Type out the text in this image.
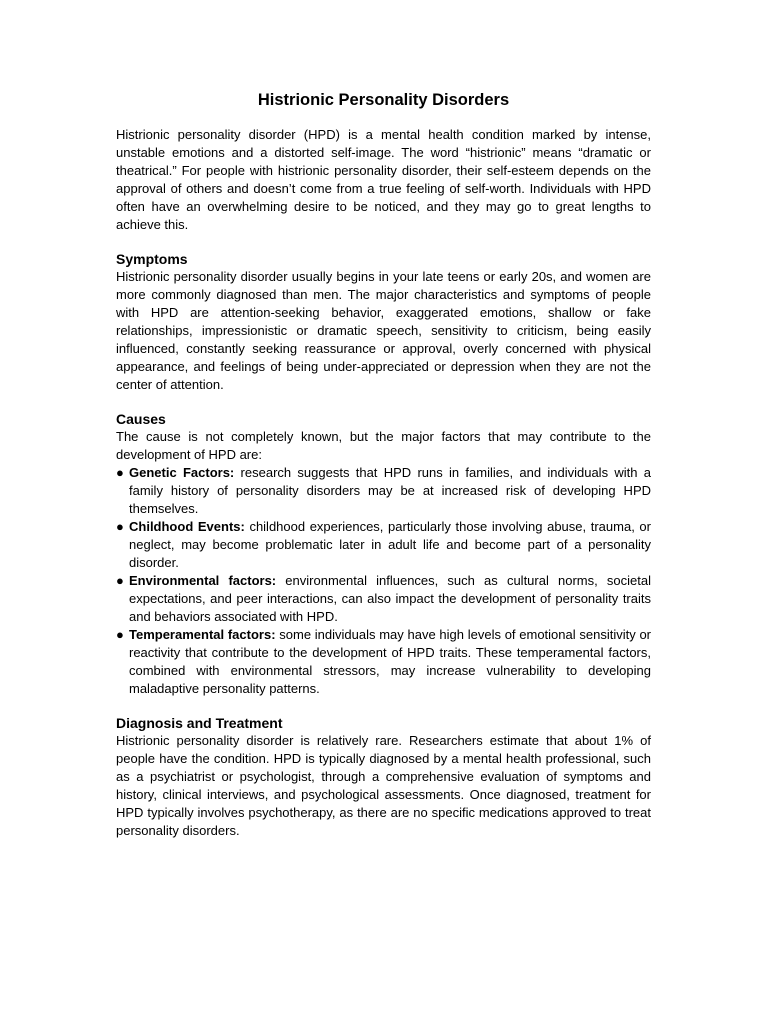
Histrionic Personality Disorders

Histrionic personality disorder (HPD) is a mental health condition marked by intense, unstable emotions and a distorted self-image. The word “histrionic” means “dramatic or theatrical.” For people with histrionic personality disorder, their self-esteem depends on the approval of others and doesn’t come from a true feeling of self-worth. Individuals with HPD often have an overwhelming desire to be noticed, and they may go to great lengths to achieve this.

Symptoms

Histrionic personality disorder usually begins in your late teens or early 20s, and women are more commonly diagnosed than men. The major characteristics and symptoms of people with HPD are attention-seeking behavior, exaggerated emotions, shallow or fake relationships, impressionistic or dramatic speech, sensitivity to criticism, being easily influenced, constantly seeking reassurance or approval, overly concerned with physical appearance, and feelings of being under-appreciated or depression when they are not the center of attention.

Causes

The cause is not completely known, but the major factors that may contribute to the development of HPD are:

● Genetic Factors: research suggests that HPD runs in families, and individuals with a family history of personality disorders may be at increased risk of developing HPD themselves.
● Childhood Events: childhood experiences, particularly those involving abuse, trauma, or neglect, may become problematic later in adult life and become part of a personality disorder.
● Environmental factors: environmental influences, such as cultural norms, societal expectations, and peer interactions, can also impact the development of personality traits and behaviors associated with HPD.
● Temperamental factors: some individuals may have high levels of emotional sensitivity or reactivity that contribute to the development of HPD traits. These temperamental factors, combined with environmental stressors, may increase vulnerability to developing maladaptive personality patterns.
Diagnosis and Treatment

Histrionic personality disorder is relatively rare. Researchers estimate that about 1% of people have the condition. HPD is typically diagnosed by a mental health professional, such as a psychiatrist or psychologist, through a comprehensive evaluation of symptoms and history, clinical interviews, and psychological assessments. Once diagnosed, treatment for HPD typically involves psychotherapy, as there are no specific medications approved to treat personality disorders.
